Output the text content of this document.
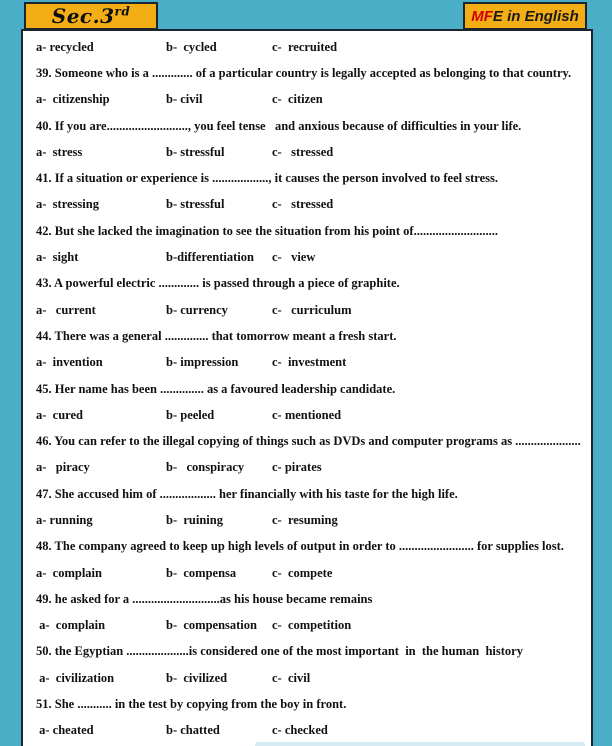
Sec.3rd	MFE in English
a- recycled	b-  cycled	c-  recruited
39. Someone who is a ............. of a particular country is legally accepted as belonging to that country.
a-  citizenship	b- civil	c-  citizen
40. If you are.........................., you feel tense   and anxious because of difficulties in your life.
a-  stress	b- stressful	c-   stressed
41. If a situation or experience is .................., it causes the person involved to feel stress.
a-  stressing	b- stressful	c-   stressed
42. But she lacked the imagination to see the situation from his point of...........................
a-  sight	b-differentiation	c-   view
43. A powerful electric ............. is passed through a piece of graphite.
a-   current	b- currency	c-   curriculum
44. There was a general .............. that tomorrow meant a fresh start.
a-  invention	b- impression	c-  investment
45. Her name has been .............. as a favoured leadership candidate.
a-  cured	b- peeled	c- mentioned
46. You can refer to the illegal copying of things such as DVDs and computer programs as .....................
a-   piracy	b-   conspiracy	c- pirates
47. She accused him of .................. her financially with his taste for the high life.
a- running	b-  ruining	c-  resuming
48. The company agreed to keep up high levels of output in order to ........................ for supplies lost.
a-  complain	b-  compensa	c-  compete
49. he asked for a ............................as his house became remains
a-  complain	b-  compensation	c-  competition
50. the Egyptian ....................is considered one of the most important  in  the human  history
a-  civilization	b-  civilized	c-  civil
51. She ........... in the test by copying from the boy in front.
a- cheated	b- chatted	c- checked
